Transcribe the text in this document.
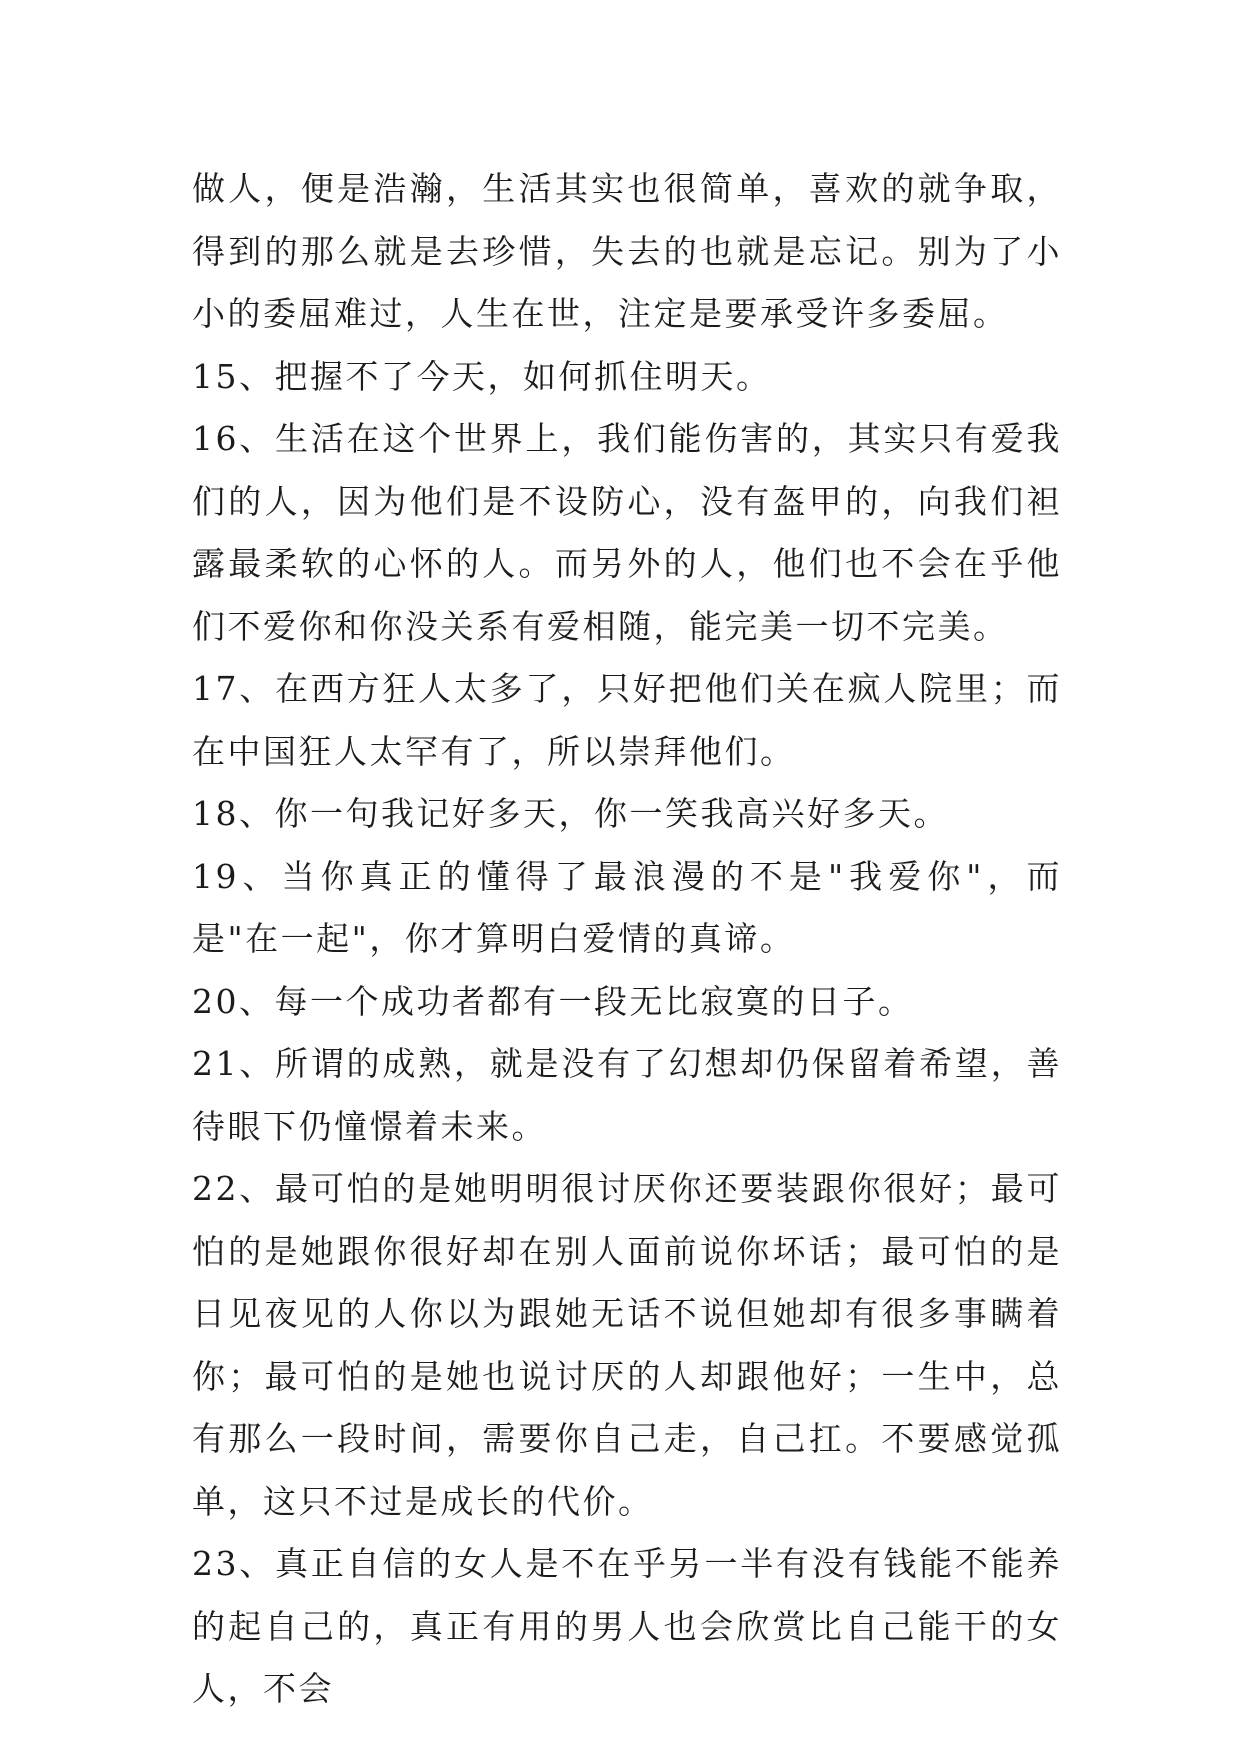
做人，便是浩瀚，生活其实也很简单，喜欢的就争取，得到的那么就是去珍惜，失去的也就是忘记。别为了小小的委屈难过，人生在世，注定是要承受许多委屈。

15、把握不了今天，如何抓住明天。

16、生活在这个世界上，我们能伤害的，其实只有爱我们的人，因为他们是不设防心，没有盔甲的，向我们袒露最柔软的心怀的人。而另外的人，他们也不会在乎他们不爱你和你没关系有爱相随，能完美一切不完美。

17、在西方狂人太多了，只好把他们关在疯人院里；而在中国狂人太罕有了，所以崇拜他们。

18、你一句我记好多天，你一笑我高兴好多天。

19、当你真正的懂得了最浪漫的不是"我爱你"，而是"在一起"，你才算明白爱情的真谛。

20、每一个成功者都有一段无比寂寞的日子。

21、所谓的成熟，就是没有了幻想却仍保留着希望，善待眼下仍憧憬着未来。

22、最可怕的是她明明很讨厌你还要装跟你很好；最可怕的是她跟你很好却在别人面前说你坏话；最可怕的是日见夜见的人你以为跟她无话不说但她却有很多事瞒着你；最可怕的是她也说讨厌的人却跟他好；一生中，总有那么一段时间，需要你自己走，自己扛。不要感觉孤单，这只不过是成长的代价。

23、真正自信的女人是不在乎另一半有没有钱能不能养的起自己的，真正有用的男人也会欣赏比自己能干的女人，不会
